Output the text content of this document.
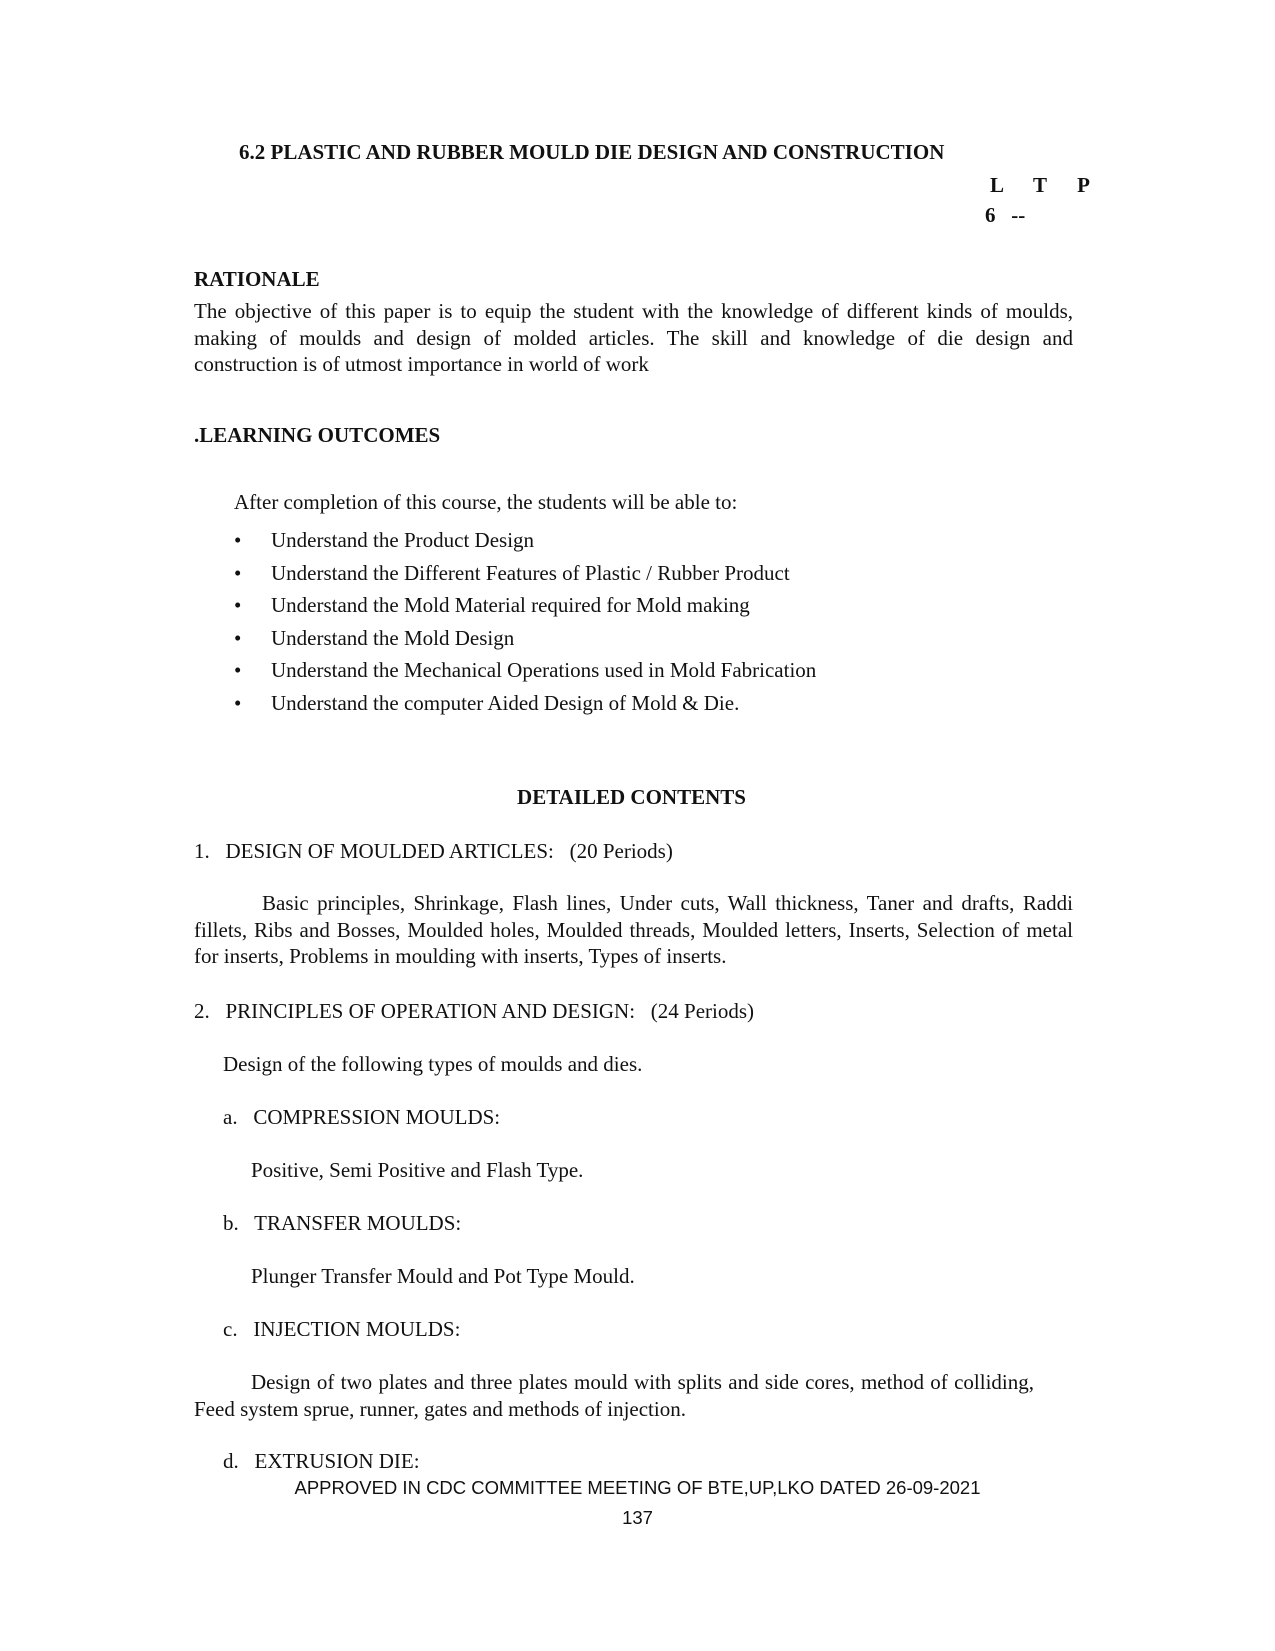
6.2 PLASTIC AND RUBBER MOULD DIE DESIGN AND CONSTRUCTION
L  T  P
6   --
RATIONALE
The objective of this paper is to equip the student with the knowledge of different kinds of moulds, making of moulds and design of molded articles. The skill and knowledge of die design and construction is of utmost importance in world of work
.LEARNING OUTCOMES
After completion of this course, the students will be able to:
• Understand the Product Design
• Understand the Different Features of Plastic / Rubber Product
• Understand the Mold Material required for Mold making
• Understand the Mold Design
• Understand the Mechanical Operations used in Mold Fabrication
• Understand the computer Aided Design of Mold & Die.
DETAILED CONTENTS
1.   DESIGN OF MOULDED ARTICLES:   (20 Periods)
Basic principles, Shrinkage, Flash lines, Under cuts, Wall thickness, Taner and drafts, Raddi fillets, Ribs and Bosses, Moulded holes, Moulded threads, Moulded letters, Inserts, Selection of metal for inserts, Problems in moulding with inserts, Types of inserts.
2.   PRINCIPLES OF OPERATION AND DESIGN:   (24 Periods)
Design of the following types of moulds and dies.
a.   COMPRESSION MOULDS:
Positive, Semi Positive and Flash Type.
b.   TRANSFER MOULDS:
Plunger Transfer Mould and Pot Type Mould.
c.   INJECTION MOULDS:
Design of two plates and three plates mould with splits and side cores, method of colliding, Feed system sprue, runner, gates and methods of injection.
d.   EXTRUSION DIE:
APPROVED IN CDC COMMITTEE MEETING OF BTE,UP,LKO DATED 26-09-2021
137
